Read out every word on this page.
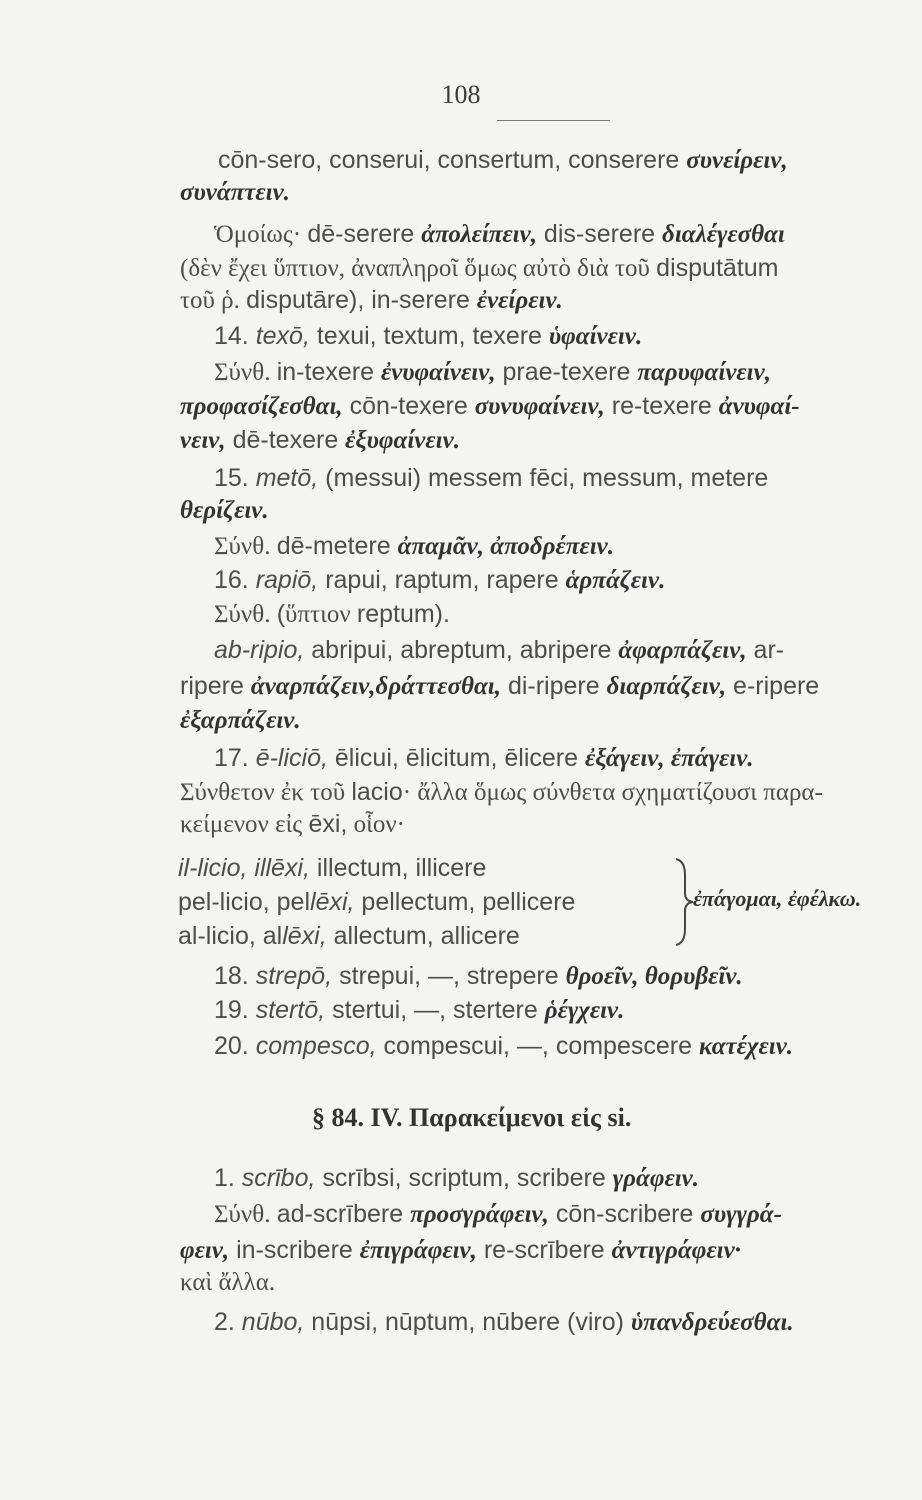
108
cōn-sero, conserui, consertum, conserere συνείρειν,
συνάπτειν.
Ὁμοίως· dē-serere ἀπολείπειν, dis-serere διαλέγεσθαι
(δὲν ἔχει ὕπτιον, ἀναπληροῖ ὅμως αὐτὸ διὰ τοῦ disputātum
τοῦ ῥ. disputāre), in-serere ἐνείρειν.
14. texō, texui, textum, texere ὑφαίνειν.
Σύνθ. in-texere ἐνυφαίνειν, prae-texere παρυφαίνειν,
προφασίζεσθαι, cōn-texere συνυφαίνειν, re-texere ἀνυφαί-
νειν, dē-texere ἐξυφαίνειν.
15. metō, (messui) messem fēci, messum, metere
θερίζειν.
Σύνθ. dē-metere ἀπαμᾶν, ἀποδρέπειν.
16. rapiō, rapui, raptum, rapere ἁρπάζειν.
Σύνθ. (ὕπτιον reptum).
ab-ripio, abripui, abreptum, abripere ἀφαρπάζειν, ar-
ripere ἀναρπάζειν,δράττεσθαι, di-ripere διαρπάζειν, e-ripere
ἐξαρπάζειν.
17. ē-liciō, ēlicui, ēlicitum, ēlicere ἐξάγειν, ἐπάγειν.
Σύνθετον ἐκ τοῦ lacio· ἄλλα ὅμως σύνθετα σχηματίζουσι παρα-
κείμενον εἰς ēxi, οἷον·
il-licio, illēxi, illectum, illicere
pel-licio, pellēxi, pellectum, pellicere
al-licio, allēxi, allectum, allicere
ἐπάγομαι, ἐφέλκω.
18. strepō, strepui, —, strepere θροεῖν, θορυβεῖν.
19. stertō, stertui, —, stertere ῥέγχειν.
20. compesco, compescui, —, compescere κατέχειν.
§ 84. IV. Παρακείμενοι εἰς si.
1. scrībo, scrībsi, scriptum, scribere γράφειν.
Σύνθ. ad-scrībere προσγράφειν, cōn-scribere συγγρά-
φειν, in-scribere ἐπιγράφειν, re-scrībere ἀντιγράφειν·
καὶ ἄλλα.
2. nūbo, nūpsi, nūptum, nūbere (viro) ὑπανδρεύεσθαι.
